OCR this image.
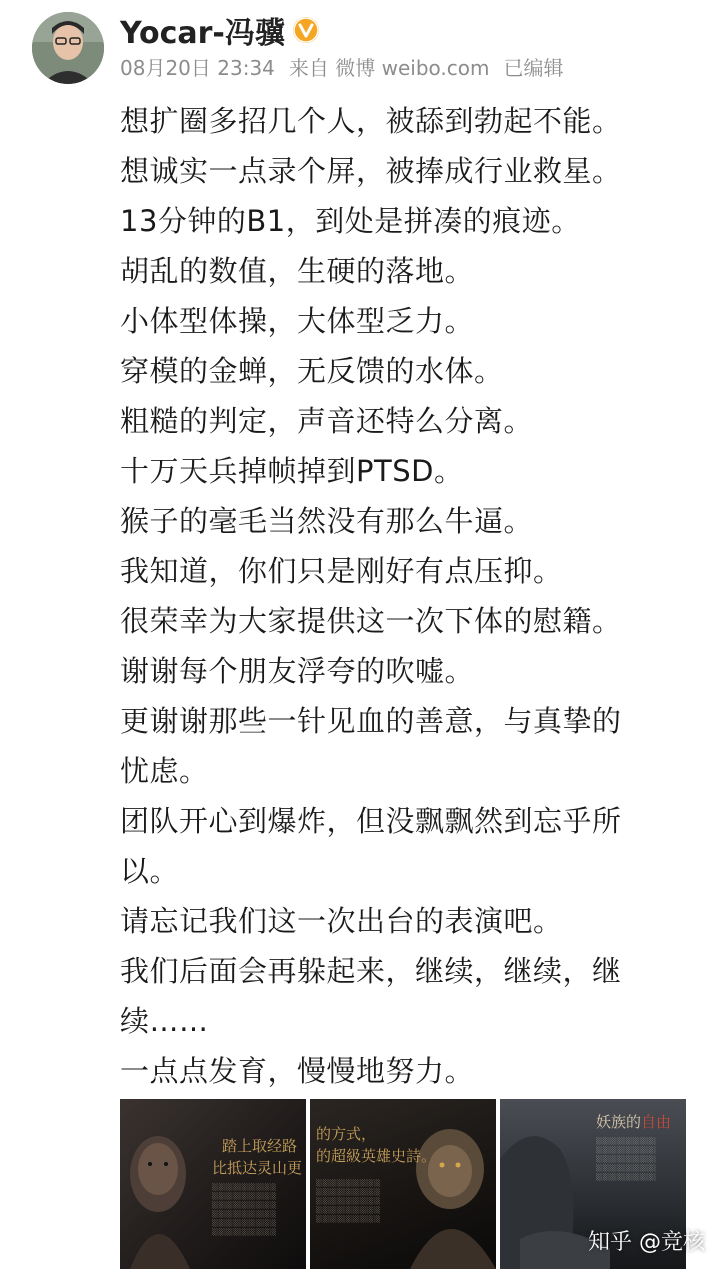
Yocar-冯骥
08月20日 23:34 来自 微博 weibo.com 已编辑
想扩圈多招几个人，被舔到勃起不能。
想诚实一点录个屏，被捧成行业救星。
13分钟的B1，到处是拼凑的痕迹。
胡乱的数值，生硬的落地。
小体型体操，大体型乏力。
穿模的金蝉，无反馈的水体。
粗糙的判定，声音还特么分离。
十万天兵掉帧掉到PTSD。
猴子的毫毛当然没有那么牛逼。
我知道，你们只是刚好有点压抑。
很荣幸为大家提供这一次下体的慰籍。
谢谢每个朋友浮夸的吹嘘。
更谢谢那些一针见血的善意，与真挚的
忧虑。
团队开心到爆炸，但没飘飘然到忘乎所
以。
请忘记我们这一次出台的表演吧。
我们后面会再躲起来，继续，继续，继
续……
一点点发育，慢慢地努力。
踏上取经路
比抵达灵山更
░░░░░░░░░░░░░░
░░░░░░░░░░░░░░
░░░░░░░░░░░░░░
░░░░░░░░░░░░░░
░░░░░░░░░░░░░░
░░░░░░░░░░░░░░
的方式，
的超級英雄史詩。
░░░░░░░░░░░░░░
░░░░░░░░░░░░░░
░░░░░░░░░░░░░░
░░░░░░░░░░░░░░
░░░░░░░░░░░░░░
妖族的自由
░░░░░░░░░░░░░
░░░░░░░░░░░░░
░░░░░░░░░░░░░
░░░░░░░░░░░░░
░░░░░░░░░░░░░
知乎 @竞核
